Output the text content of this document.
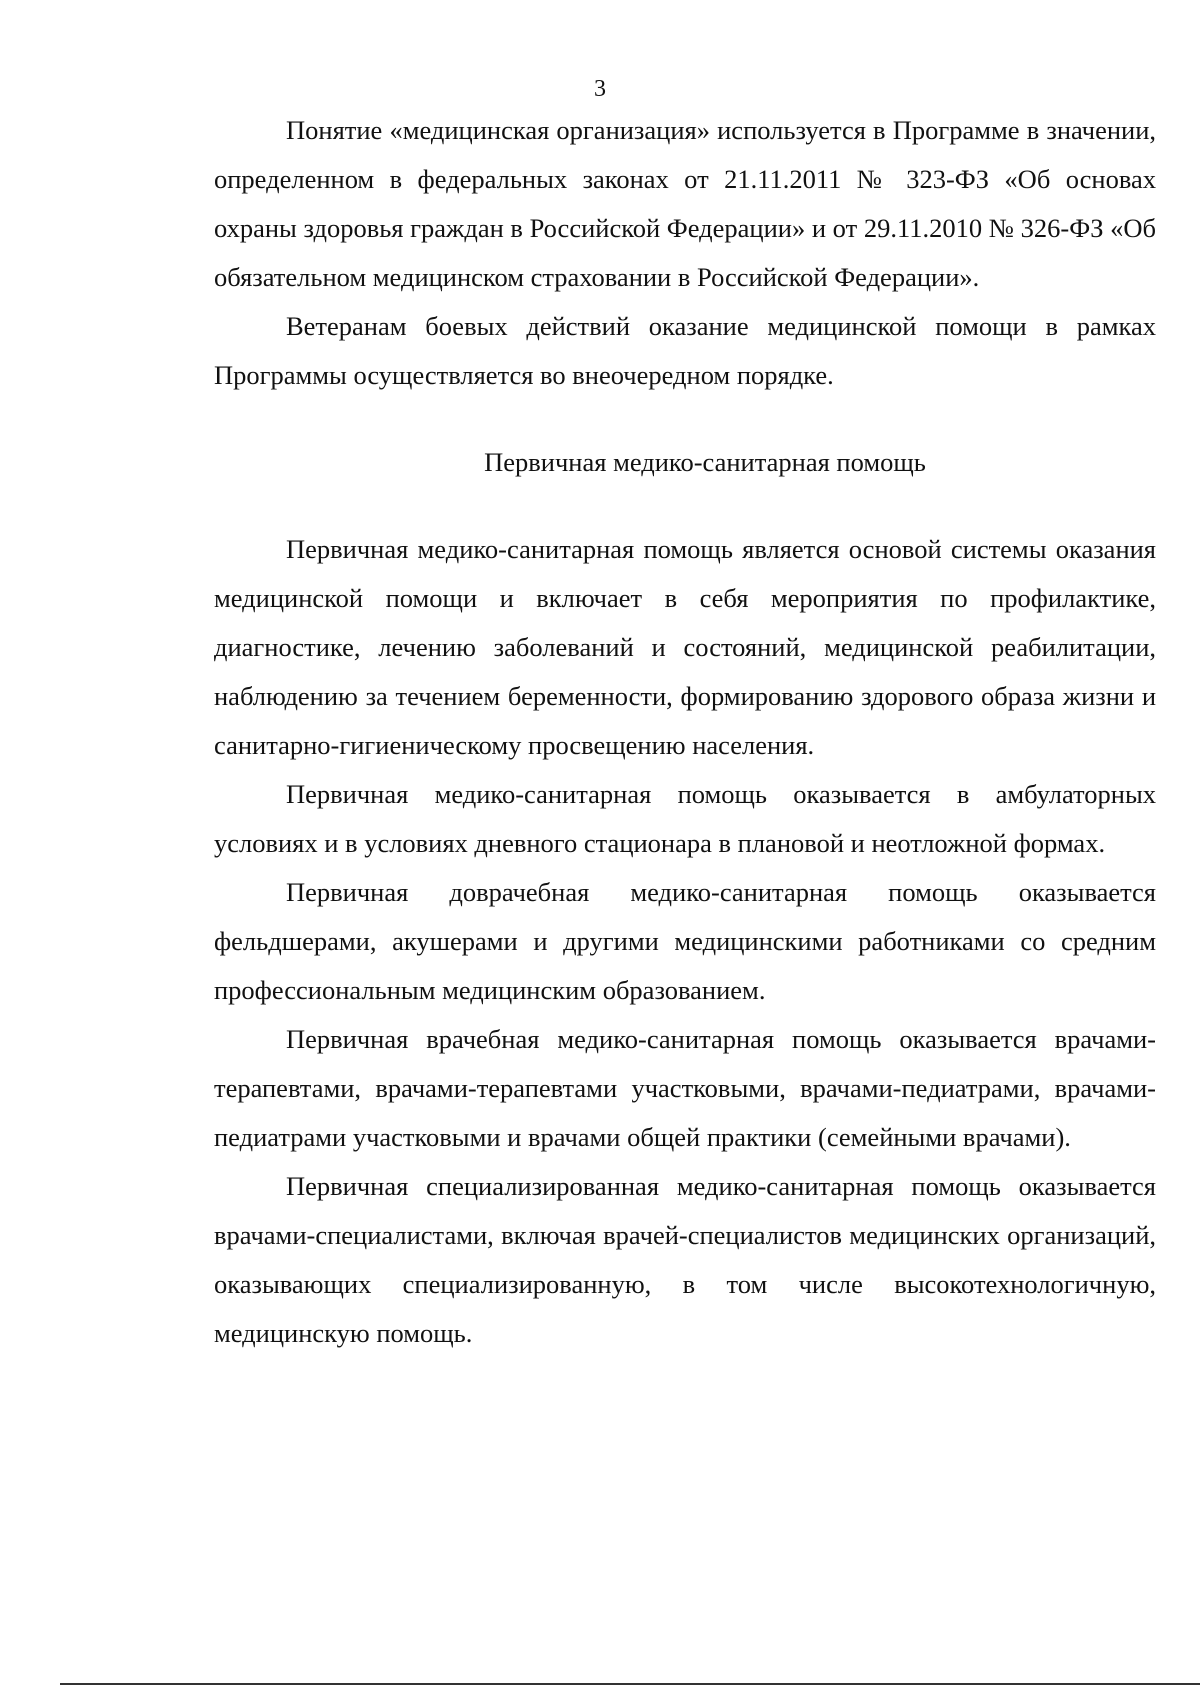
3

Понятие «медицинская организация» используется в Программе в значении, определенном в федеральных законах от 21.11.2011 № 323-ФЗ «Об основах охраны здоровья граждан в Российской Федерации» и от 29.11.2010 № 326-ФЗ «Об обязательном медицинском страховании в Российской Федерации».

Ветеранам боевых действий оказание медицинской помощи в рамках Программы осуществляется во внеочередном порядке.

Первичная медико-санитарная помощь

Первичная медико-санитарная помощь является основой системы оказания медицинской помощи и включает в себя мероприятия по профилактике, диагностике, лечению заболеваний и состояний, медицинской реабилитации, наблюдению за течением беременности, формированию здорового образа жизни и санитарно-гигиеническому просвещению населения.

Первичная медико-санитарная помощь оказывается в амбулаторных условиях и в условиях дневного стационара в плановой и неотложной формах.

Первичная доврачебная медико-санитарная помощь оказывается фельдшерами, акушерами и другими медицинскими работниками со средним профессиональным медицинским образованием.

Первичная врачебная медико-санитарная помощь оказывается врачами-терапевтами, врачами-терапевтами участковыми, врачами-педиатрами, врачами-педиатрами участковыми и врачами общей практики (семейными врачами).

Первичная специализированная медико-санитарная помощь оказывается врачами-специалистами, включая врачей-специалистов медицинских организаций, оказывающих специализированную, в том числе высокотехнологичную, медицинскую помощь.
